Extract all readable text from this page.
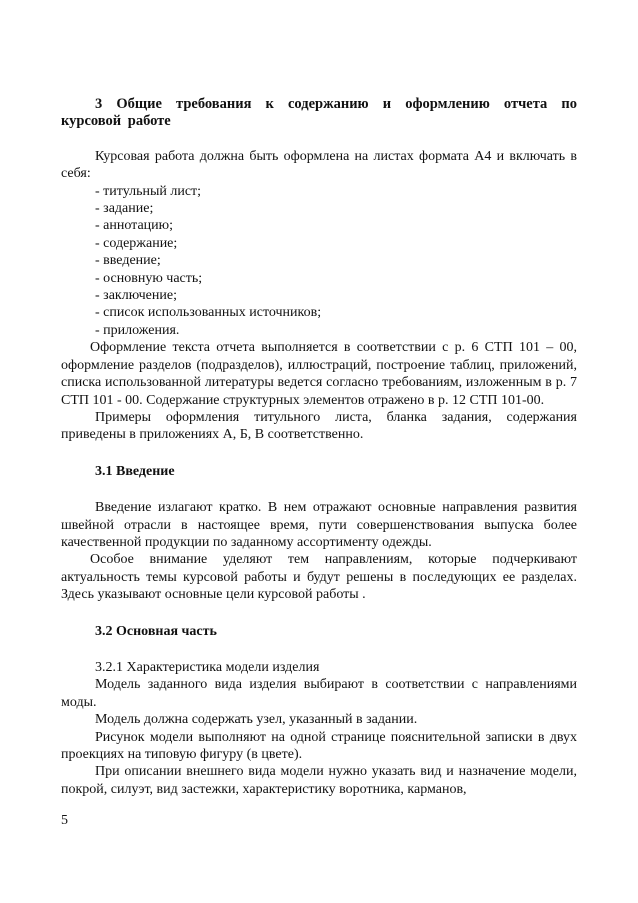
3 Общие требования к содержанию и оформлению отчета по курсовой работе

Курсовая работа должна быть оформлена на листах формата А4 и включать в себя:

- титульный лист;
- задание;
- аннотацию;
- содержание;
- введение;
- основную часть;
- заключение;
- список использованных источников;
- приложения.

Оформление текста отчета выполняется в соответствии с р. 6 СТП 101 – 00, оформление разделов (подразделов), иллюстраций, построение таблиц, приложений, списка использованной литературы ведется согласно требованиям, изложенным в р. 7 СТП 101 - 00. Содержание структурных элементов отражено в р. 12 СТП 101-00.

Примеры оформления титульного листа, бланка задания, содержания приведены в приложениях А, Б, В соответственно.

3.1 Введение

Введение излагают кратко. В нем отражают основные направления развития швейной отрасли в настоящее время, пути совершенствования выпуска более качественной продукции по заданному ассортименту одежды.

Особое внимание уделяют тем направлениям, которые подчеркивают актуальность темы курсовой работы и будут решены в последующих ее разделах. Здесь указывают основные цели курсовой работы .

3.2 Основная часть

3.2.1 Характеристика модели изделия

Модель заданного вида изделия выбирают в соответствии с направлениями моды.

Модель должна содержать узел, указанный в задании.

Рисунок модели выполняют на одной странице пояснительной записки в двух проекциях на типовую фигуру (в цвете).

При описании внешнего вида модели нужно указать вид и назначение модели, покрой, силуэт, вид застежки, характеристику воротника, карманов,

5
